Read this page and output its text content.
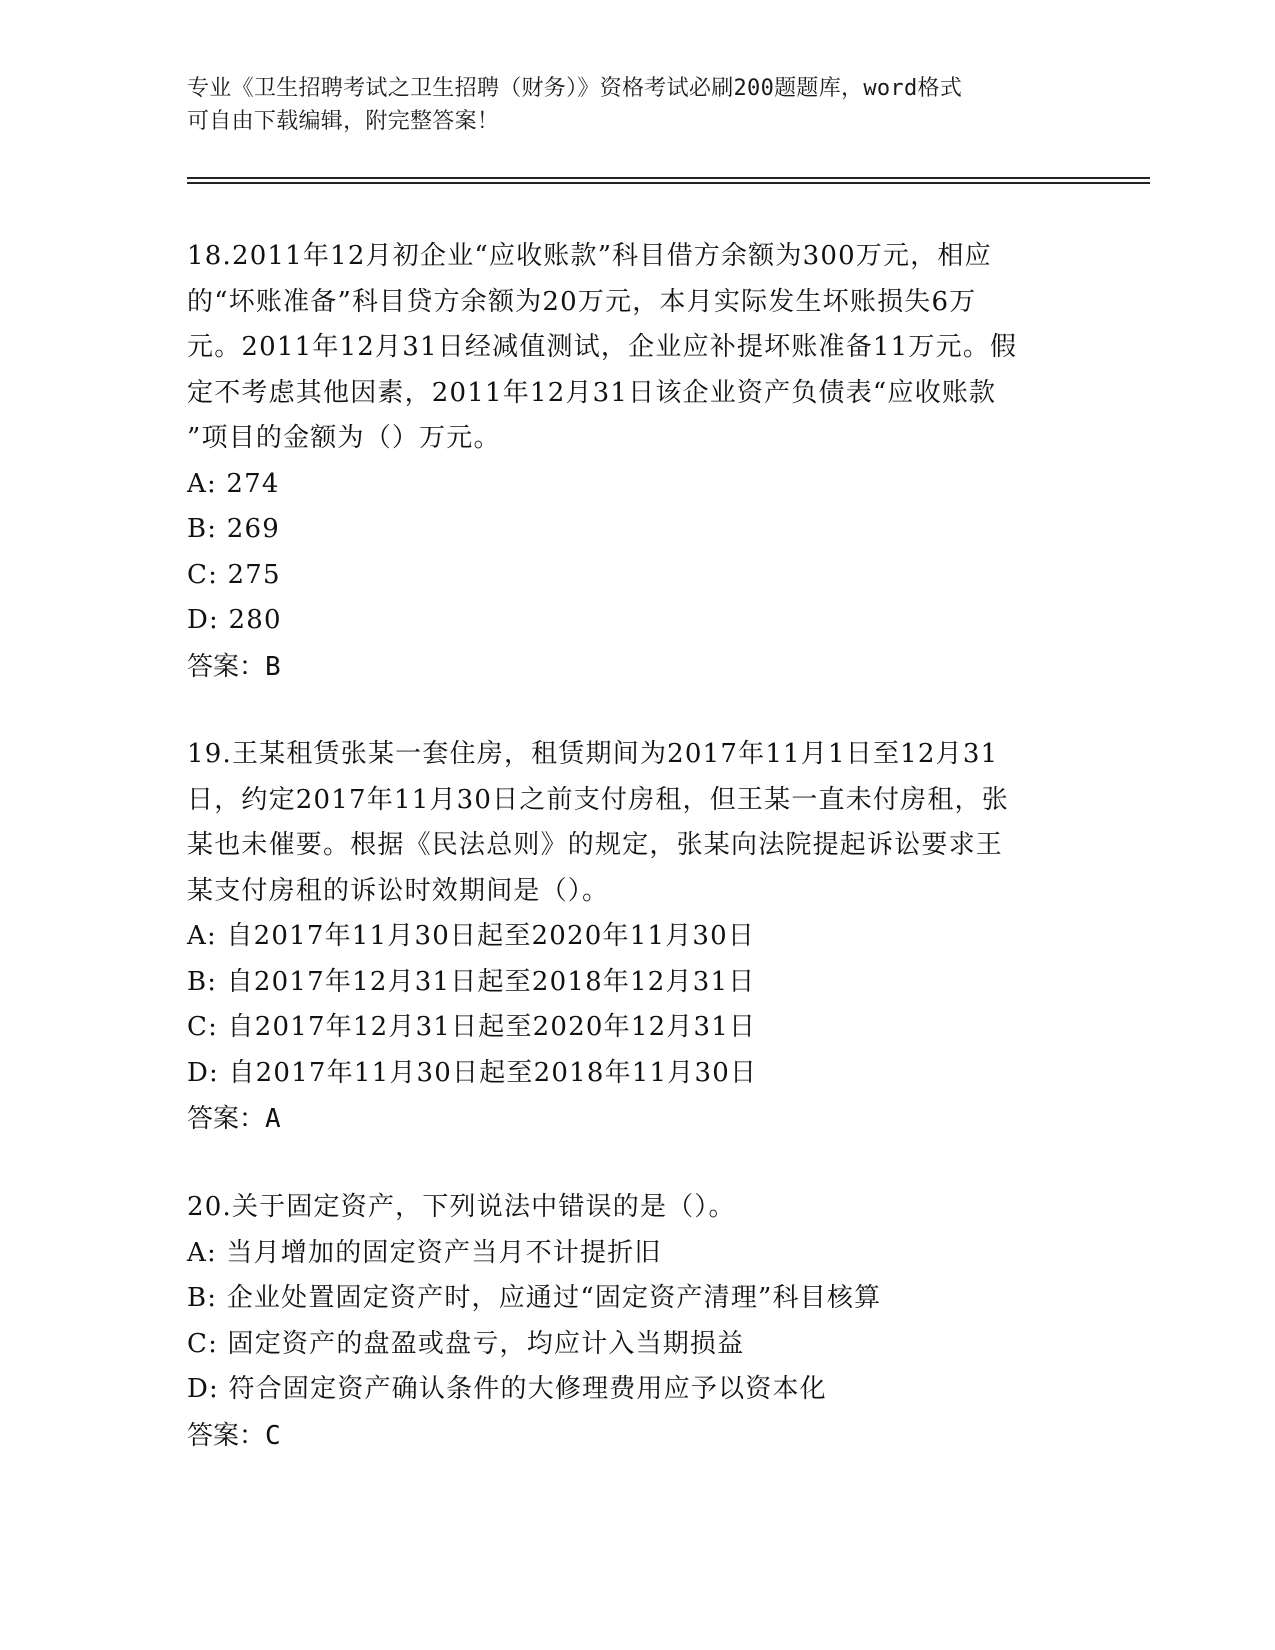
专业《卫生招聘考试之卫生招聘（财务）》资格考试必刷200题题库，word格式
可自由下载编辑，附完整答案！
18.2011年12月初企业“应收账款”科目借方余额为300万元，相应
的“坏账准备”科目贷方余额为20万元，本月实际发生坏账损失6万
元。2011年12月31日经减值测试，企业应补提坏账准备11万元。假
定不考虑其他因素，2011年12月31日该企业资产负债表“应收账款
”项目的金额为（）万元。
A: 274
B: 269
C: 275
D: 280
答案：B
19.王某租赁张某一套住房，租赁期间为2017年11月1日至12月31
日，约定2017年11月30日之前支付房租，但王某一直未付房租，张
某也未催要。根据《民法总则》的规定，张某向法院提起诉讼要求王
某支付房租的诉讼时效期间是（）。
A: 自2017年11月30日起至2020年11月30日
B: 自2017年12月31日起至2018年12月31日
C: 自2017年12月31日起至2020年12月31日
D: 自2017年11月30日起至2018年11月30日
答案：A
20.关于固定资产，下列说法中错误的是（）。
A: 当月增加的固定资产当月不计提折旧
B: 企业处置固定资产时，应通过“固定资产清理”科目核算
C: 固定资产的盘盈或盘亏，均应计入当期损益
D: 符合固定资产确认条件的大修理费用应予以资本化
答案：C
